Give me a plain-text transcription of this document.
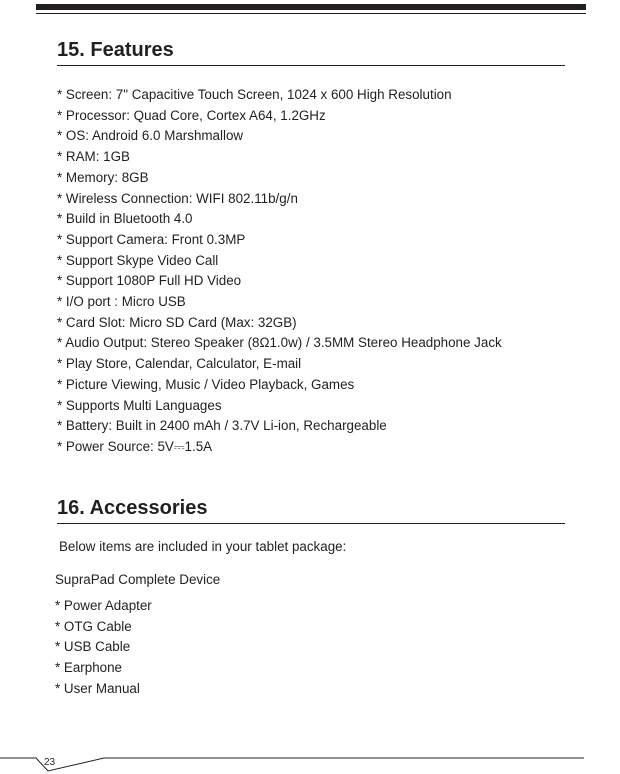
15. Features
* Screen: 7" Capacitive Touch Screen, 1024 x 600 High Resolution
* Processor: Quad Core, Cortex A64, 1.2GHz
* OS: Android 6.0 Marshmallow
* RAM: 1GB
* Memory: 8GB
* Wireless Connection: WIFI 802.11b/g/n
* Build in Bluetooth 4.0
* Support Camera: Front 0.3MP
* Support Skype Video Call
* Support 1080P Full HD Video
* I/O port : Micro USB
* Card Slot: Micro SD Card (Max: 32GB)
* Audio Output: Stereo Speaker (8Ω1.0w) / 3.5MM Stereo Headphone Jack
* Play Store, Calendar, Calculator, E-mail
* Picture Viewing, Music / Video Playback, Games
* Supports Multi Languages
* Battery: Built in 2400 mAh / 3.7V Li-ion, Rechargeable
* Power Source: 5V⎓1.5A
16. Accessories

Below items are included in your tablet package:

SupraPad Complete Device

* Power Adapter
* OTG Cable
* USB Cable
* Earphone
* User Manual
23
